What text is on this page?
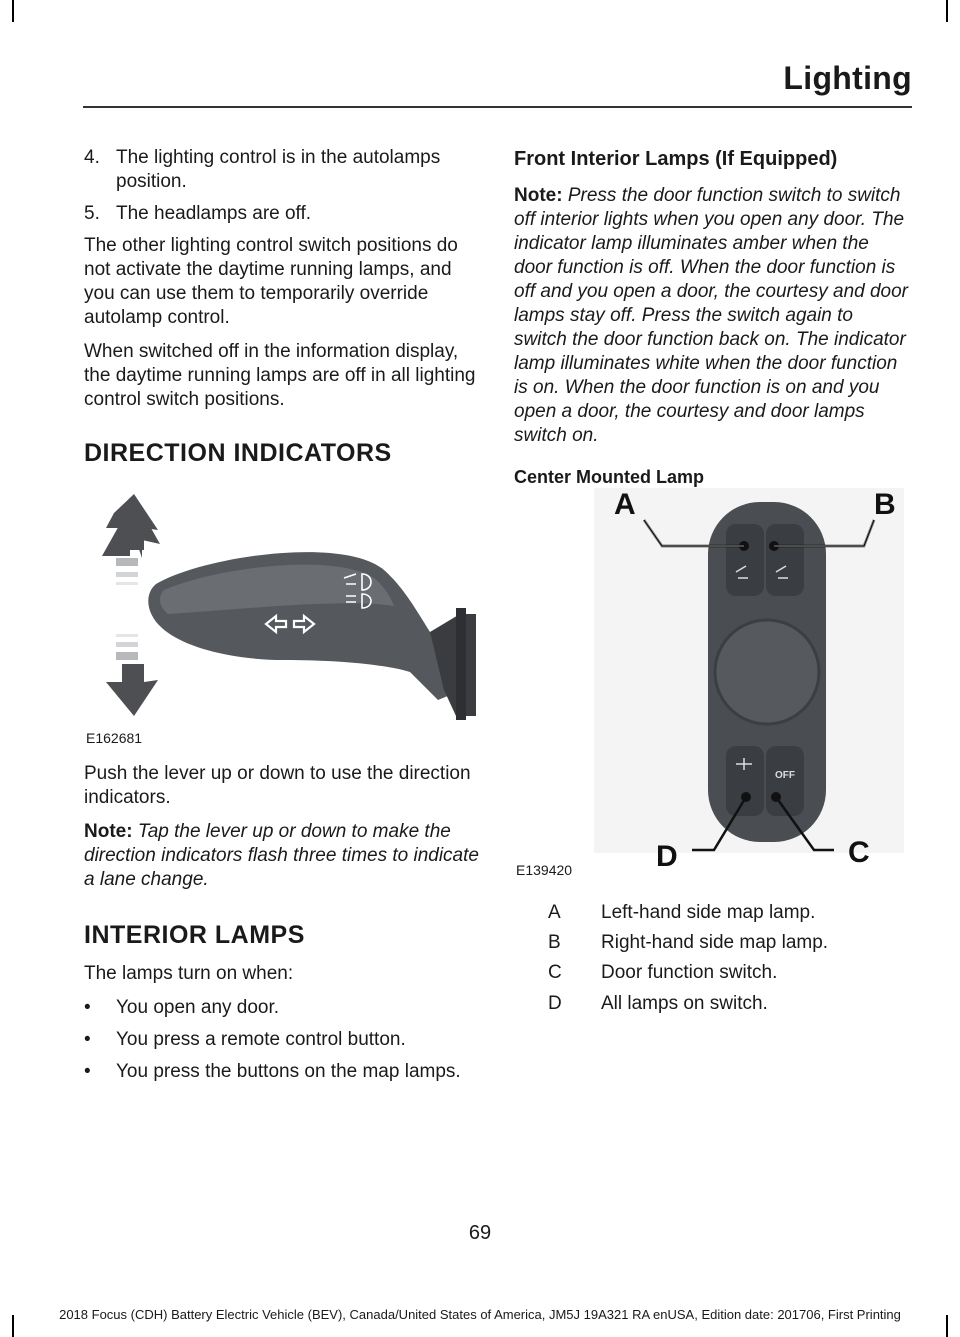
Lighting
4. The lighting control is in the autolamps position.
5. The headlamps are off.

The other lighting control switch positions do not activate the daytime running lamps, and you can use them to temporarily override autolamp control.

When switched off in the information display, the daytime running lamps are off in all lighting control switch positions.

DIRECTION INDICATORS
E162681

Push the lever up or down to use the direction indicators.

Note: Tap the lever up or down to make the direction indicators flash three times to indicate a lane change.

INTERIOR LAMPS

The lamps turn on when:

•	You open any door.
•	You press a remote control button.
•	You press the buttons on the map lamps.
Front Interior Lamps (If Equipped)

Note: Press the door function switch to switch off interior lights when you open any door. The indicator lamp illuminates amber when the door function is off. When the door function is off and you open a door, the courtesy and door lamps stay off. Press the switch again to switch the door function back on. The indicator lamp illuminates white when the door function is on. When the door function is on and you open a door, the courtesy and door lamps switch on.

Center Mounted Lamp
OFF
A	B
C
D
E139420
A	Left-hand side map lamp.
B	Right-hand side map lamp.
C	Door function switch.
D	All lamps on switch.
69
2018 Focus (CDH) Battery Electric Vehicle (BEV), Canada/United States of America, JM5J 19A321 RA enUSA, Edition date: 201706, First Printing
